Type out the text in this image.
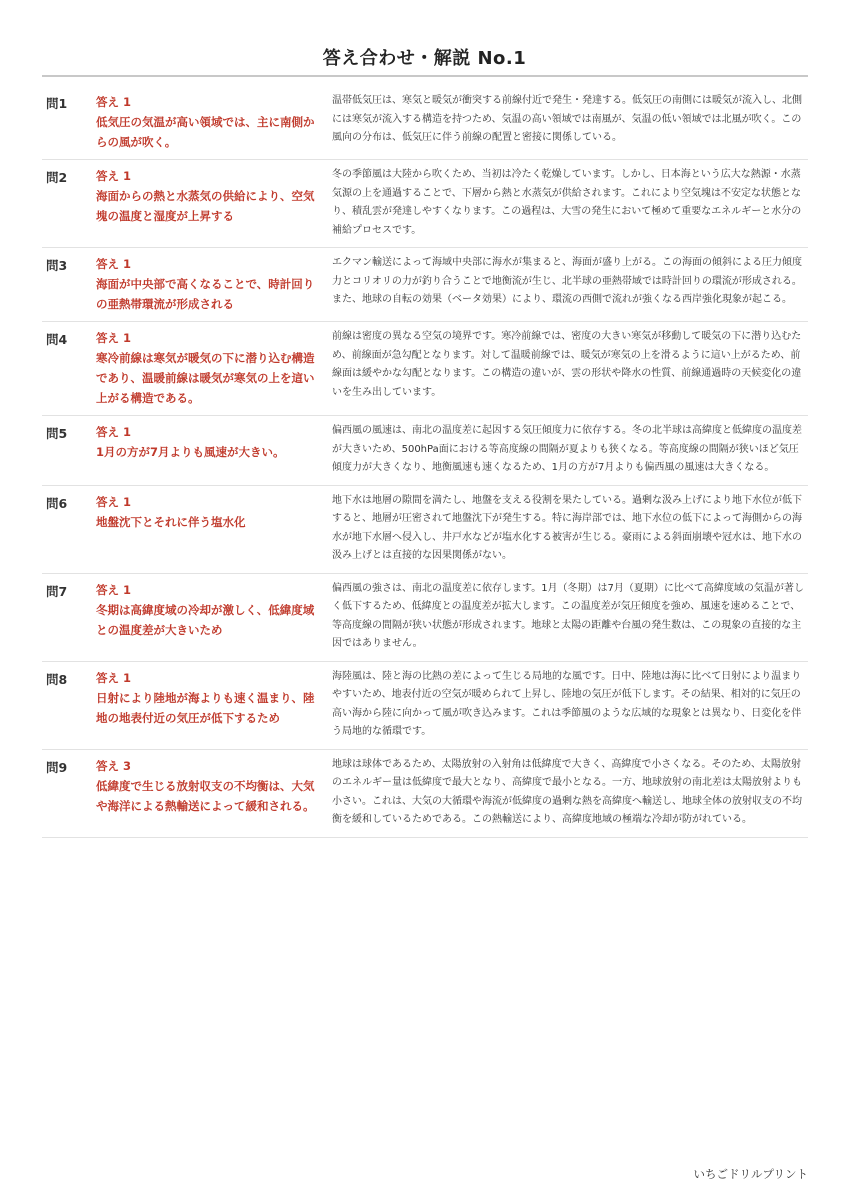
答え合わせ・解説 No.1
問1	答え 1
低気圧の気温が高い領域では、主に南側からの風が吹く。
温帯低気圧は、寒気と暖気が衝突する前線付近で発生・発達する。低気圧の南側には暖気が流入し、北側には寒気が流入する構造を持つため、気温の高い領域では南風が、気温の低い領域では北風が吹く。この風向の分布は、低気圧に伴う前線の配置と密接に関係している。
問2	答え 1
海面からの熱と水蒸気の供給により、空気塊の温度と湿度が上昇する
冬の季節風は大陸から吹くため、当初は冷たく乾燥しています。しかし、日本海という広大な熱源・水蒸気源の上を通過することで、下層から熱と水蒸気が供給されます。これにより空気塊は不安定な状態となり、積乱雲が発達しやすくなります。この過程は、大雪の発生において極めて重要なエネルギーと水分の補給プロセスです。
問3	答え 1
海面が中央部で高くなることで、時計回りの亜熱帯環流が形成される
エクマン輸送によって海域中央部に海水が集まると、海面が盛り上がる。この海面の傾斜による圧力傾度力とコリオリの力が釣り合うことで地衡流が生じ、北半球の亜熱帯域では時計回りの環流が形成される。また、地球の自転の効果（ベータ効果）により、環流の西側で流れが強くなる西岸強化現象が起こる。
問4	答え 1
寒冷前線は寒気が暖気の下に潜り込む構造であり、温暖前線は暖気が寒気の上を這い上がる構造である。
前線は密度の異なる空気の境界です。寒冷前線では、密度の大きい寒気が移動して暖気の下に潜り込むため、前線面が急勾配となります。対して温暖前線では、暖気が寒気の上を滑るように這い上がるため、前線面は緩やかな勾配となります。この構造の違いが、雲の形状や降水の性質、前線通過時の天候変化の違いを生み出しています。
問5	答え 1
1月の方が7月よりも風速が大きい。
偏西風の風速は、南北の温度差に起因する気圧傾度力に依存する。冬の北半球は高緯度と低緯度の温度差が大きいため、500hPa面における等高度線の間隔が夏よりも狭くなる。等高度線の間隔が狭いほど気圧傾度力が大きくなり、地衡風速も速くなるため、1月の方が7月よりも偏西風の風速は大きくなる。
問6	答え 1
地盤沈下とそれに伴う塩水化
地下水は地層の隙間を満たし、地盤を支える役割を果たしている。過剰な汲み上げにより地下水位が低下すると、地層が圧密されて地盤沈下が発生する。特に海岸部では、地下水位の低下によって海側からの海水が地下水層へ侵入し、井戸水などが塩水化する被害が生じる。豪雨による斜面崩壊や冠水は、地下水の汲み上げとは直接的な因果関係がない。
問7	答え 1
冬期は高緯度域の冷却が激しく、低緯度域との温度差が大きいため
偏西風の強さは、南北の温度差に依存します。1月（冬期）は7月（夏期）に比べて高緯度域の気温が著しく低下するため、低緯度との温度差が拡大します。この温度差が気圧傾度を強め、風速を速めることで、等高度線の間隔が狭い状態が形成されます。地球と太陽の距離や台風の発生数は、この現象の直接的な主因ではありません。
問8	答え 1
日射により陸地が海よりも速く温まり、陸地の地表付近の気圧が低下するため
海陸風は、陸と海の比熱の差によって生じる局地的な風です。日中、陸地は海に比べて日射により温まりやすいため、地表付近の空気が暖められて上昇し、陸地の気圧が低下します。その結果、相対的に気圧の高い海から陸に向かって風が吹き込みます。これは季節風のような広域的な現象とは異なり、日変化を伴う局地的な循環です。
問9	答え 3
低緯度で生じる放射収支の不均衡は、大気や海洋による熱輸送によって緩和される。
地球は球体であるため、太陽放射の入射角は低緯度で大きく、高緯度で小さくなる。そのため、太陽放射のエネルギー量は低緯度で最大となり、高緯度で最小となる。一方、地球放射の南北差は太陽放射よりも小さい。これは、大気の大循環や海流が低緯度の過剰な熱を高緯度へ輸送し、地球全体の放射収支の不均衡を緩和しているためである。この熱輸送により、高緯度地域の極端な冷却が防がれている。
いちごドリルプリント
